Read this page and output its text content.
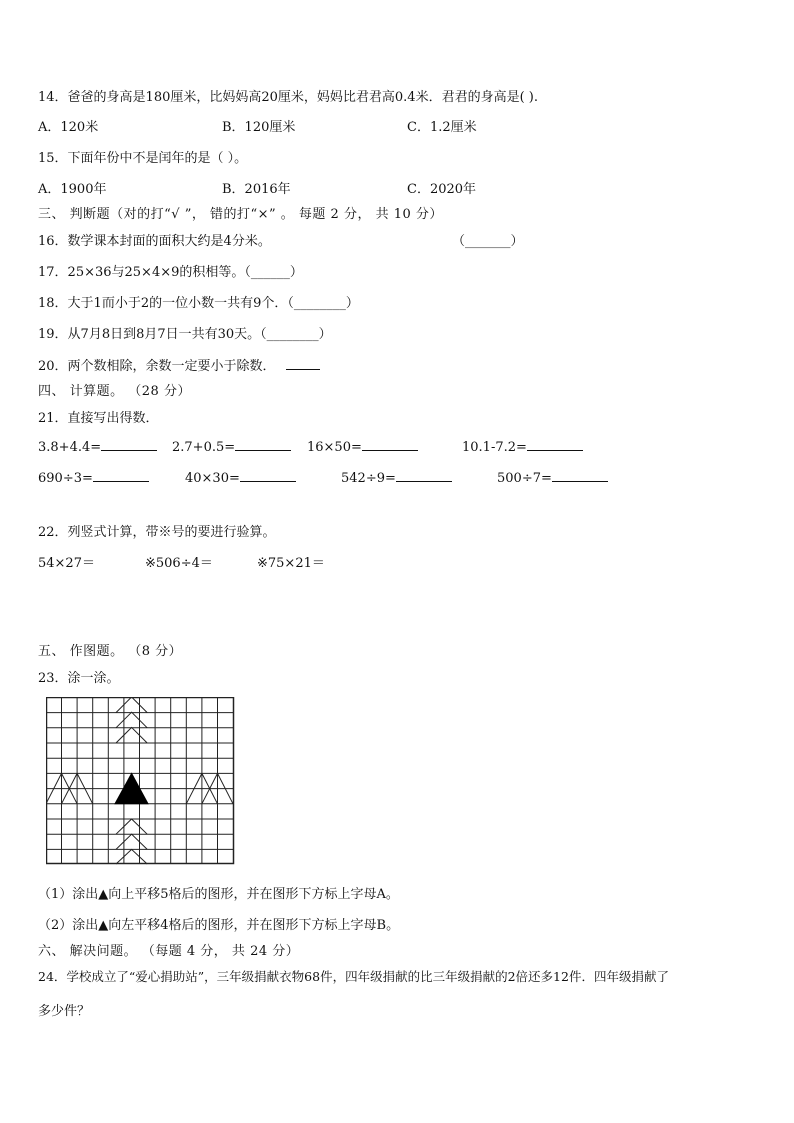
14．爸爸的身高是180厘米，比妈妈高20厘米，妈妈比君君高0.4米．君君的身高是( ).
A．120米	B．120厘米	C．1.2厘米
15．下面年份中不是闰年的是（ ）。
A．1900年	B．2016年	C．2020年
三、 判断题（对的打“√ ”， 错的打“×” 。 每题 2 分， 共 10 分）
16．数学课本封面的面积大约是4分米。	（_______）
17．25×36与25×4×9的积相等。（______）
18．大于1而小于2的一位小数一共有9个．（________）
19．从7月8日到8月7日一共有30天。（________）
20．两个数相除，余数一定要小于除数．
四、 计算题。 （28 分）
21．直接写出得数．
3.8+4.4=	2.7+0.5=	16×50=	10.1-7.2=
690÷3=	40×30=	542÷9=	500÷7=
22．列竖式计算，带※号的要进行验算。
54×27＝	※506÷4＝	※75×21＝
五、 作图题。 （8 分）
23．涂一涂。
（1）涂出▲向上平移5格后的图形，并在图形下方标上字母A。
（2）涂出▲向左平移4格后的图形，并在图形下方标上字母B。
六、 解决问题。 （每题 4 分， 共 24 分）
24．学校成立了“爱心捐助站”，三年级捐献衣物68件，四年级捐献的比三年级捐献的2倍还多12件．四年级捐献了
多少件？
